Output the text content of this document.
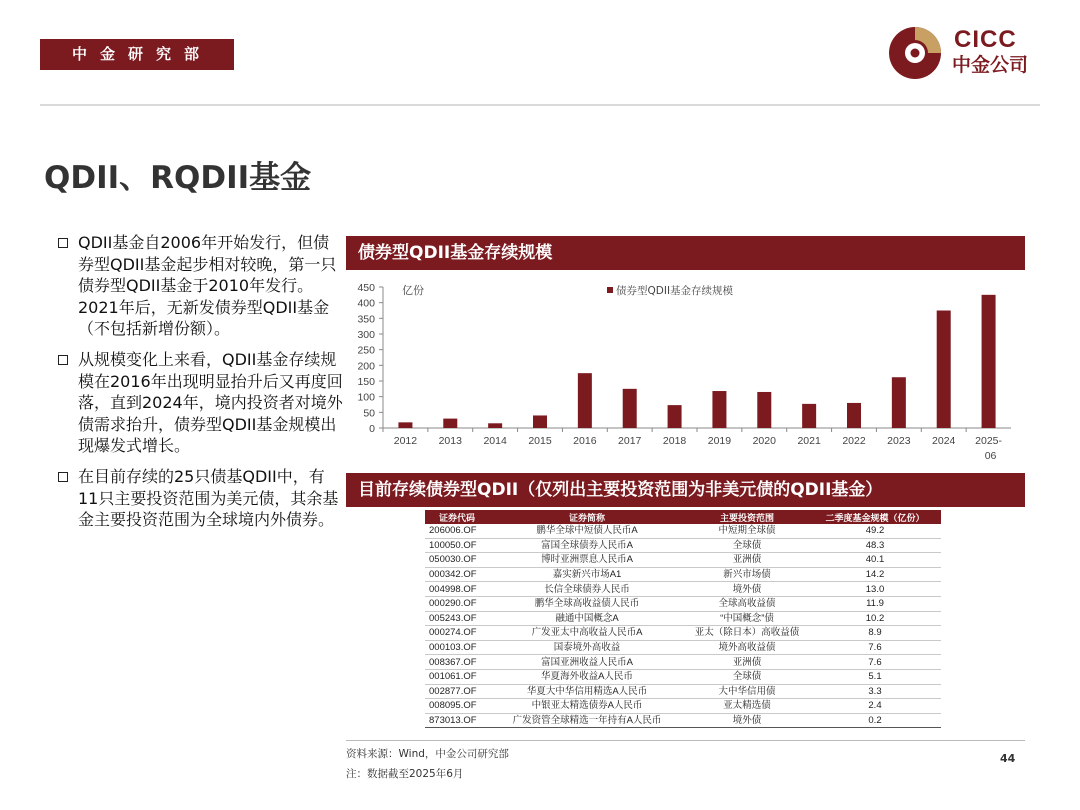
中金研究部
CICC
中金公司
QDII、RQDII基金
QDII基金自2006年开始发行，但债券型QDII基金起步相对较晚，第一只债券型QDII基金于2010年发行。2021年后，无新发债券型QDII基金（不包括新增份额）。
从规模变化上来看，QDII基金存续规模在2016年出现明显抬升后又再度回落，直到2024年，境内投资者对境外债需求抬升，债券型QDII基金规模出现爆发式增长。
在目前存续的25只债基QDII中，有11只主要投资范围为美元债，其余基金主要投资范围为全球境内外债券。
债券型QDII基金存续规模
0
50
100
150
200
250
300
350
400
450 亿份	债券型QDII基金存续规模
2012 2013 2014 2015 2016 2017 2018 2019 2020 2021 2022 2023 2024 2025-
06
目前存续债券型QDII（仅列出主要投资范围为非美元债的QDII基金）
证券代码	证券简称	主要投资范围	二季度基金规模（亿份）
206006.OF	鹏华全球中短债人民币A	中短期全球债	49.2
100050.OF	富国全球债券人民币A	全球债	48.3
050030.OF	博时亚洲票息人民币A	亚洲债	40.1
000342.OF	嘉实新兴市场A1	新兴市场债	14.2
004998.OF	长信全球债券人民币	境外债	13.0
000290.OF	鹏华全球高收益债人民币	全球高收益债	11.9
005243.OF	融通中国概念A	“中国概念”债	10.2
000274.OF	广发亚太中高收益人民币A	亚太（除日本）高收益债	8.9
000103.OF	国泰境外高收益	境外高收益债	7.6
008367.OF	富国亚洲收益人民币A	亚洲债	7.6
001061.OF	华夏海外收益A人民币	全球债	5.1
002877.OF	华夏大中华信用精选A人民币	大中华信用债	3.3
008095.OF	中银亚太精选债券A人民币	亚太精选债	2.4
873013.OF	广发资管全球精选一年持有A人民币	境外债	0.2
资料来源：Wind，中金公司研究部
注：数据截至2025年6月
44
